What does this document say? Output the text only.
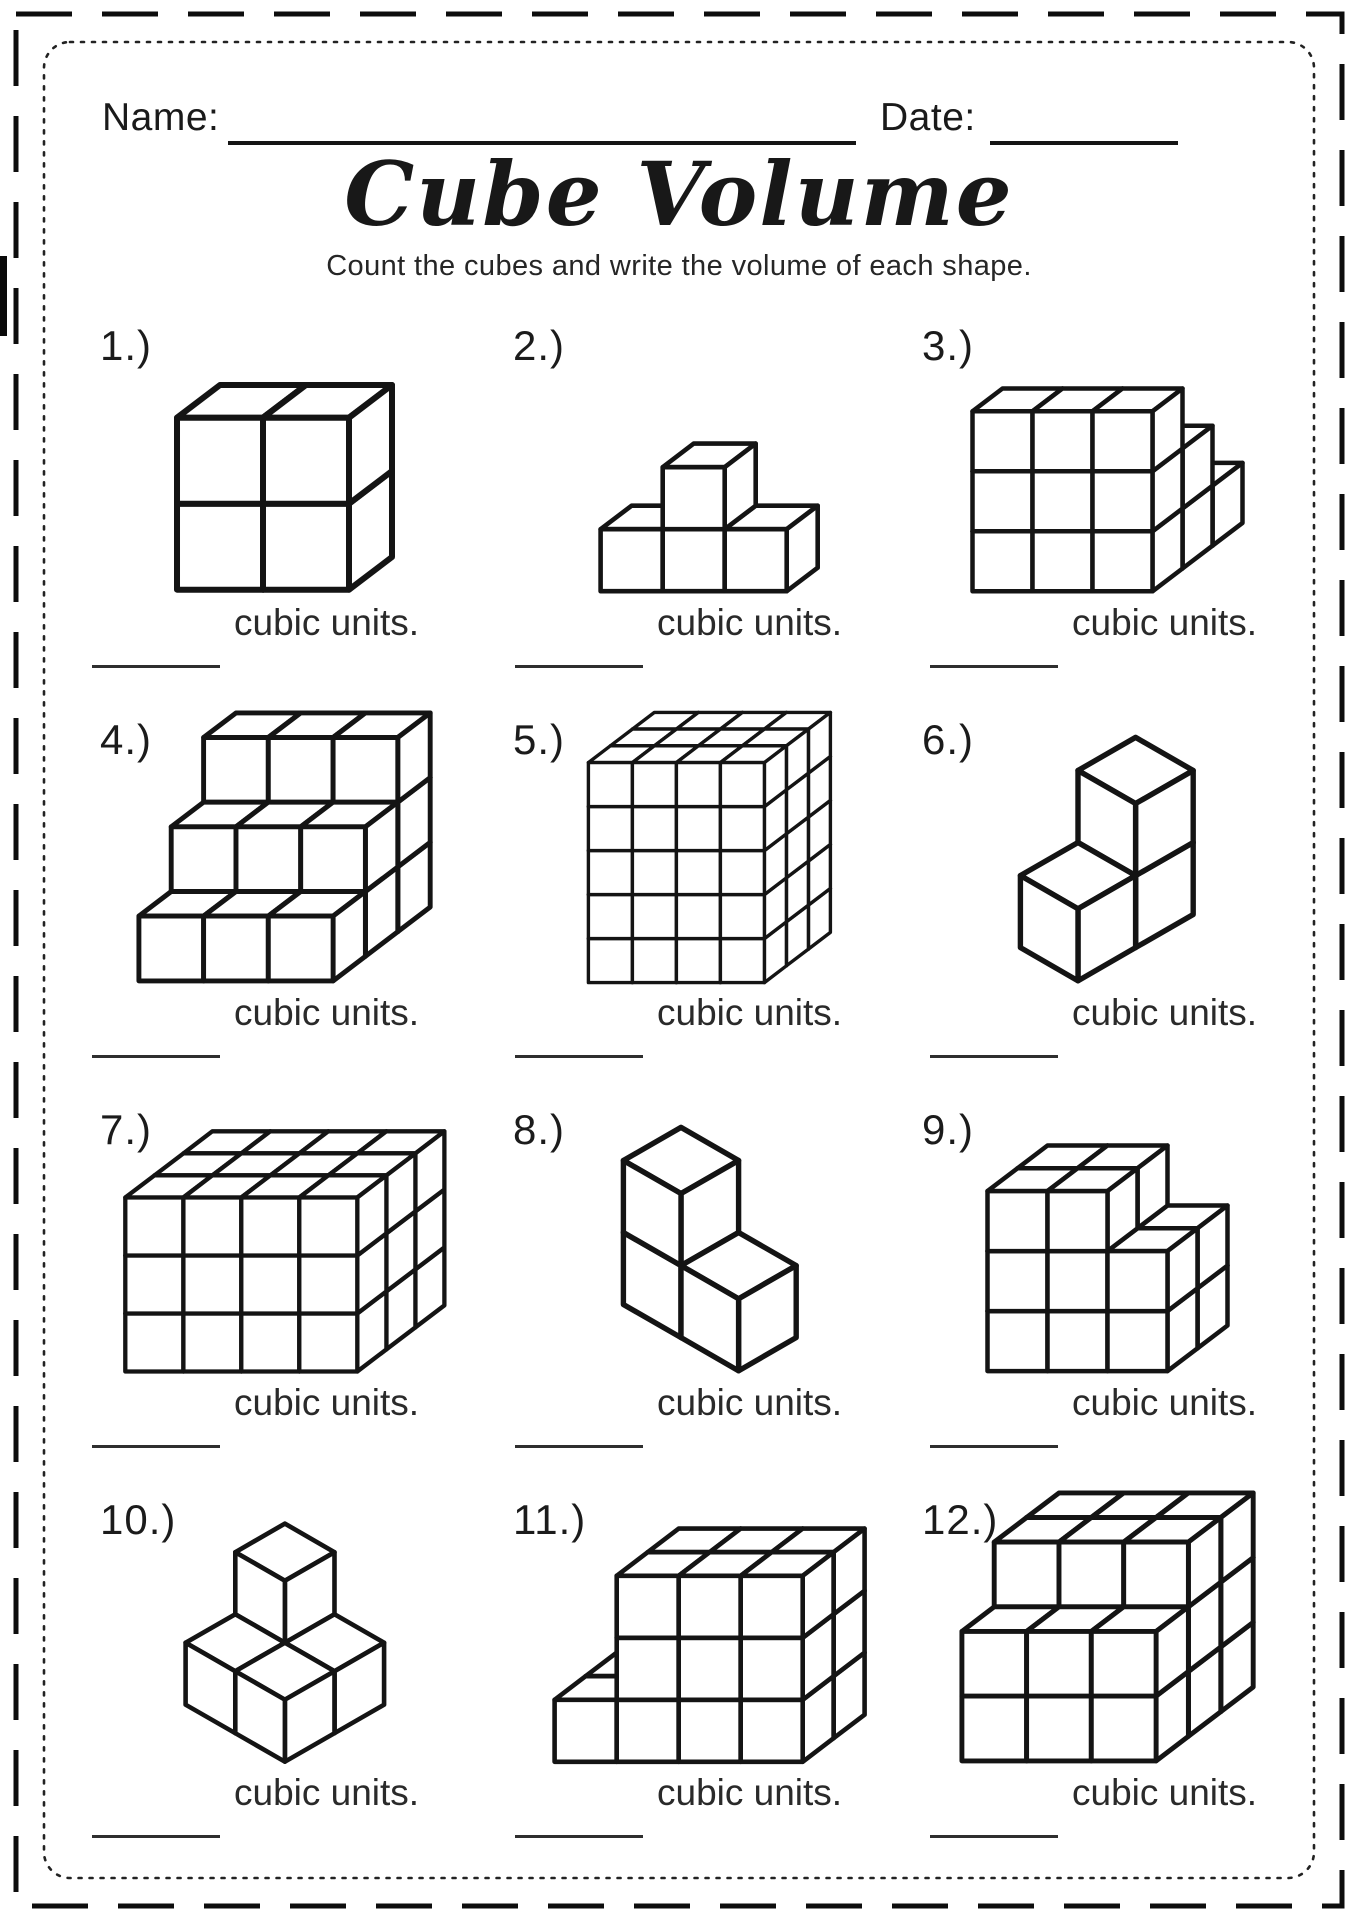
Name:	Date:
Cube Volume
Count the cubes and write the volume of each shape.
1.)
cubic units.
2.)
cubic units.
3.)
cubic units.
4.)
cubic units.
5.)
cubic units.
6.)
cubic units.
7.)
cubic units.
8.)
cubic units.
9.)
cubic units.
10.)
cubic units.
11.)
cubic units.
12.)
cubic units.
